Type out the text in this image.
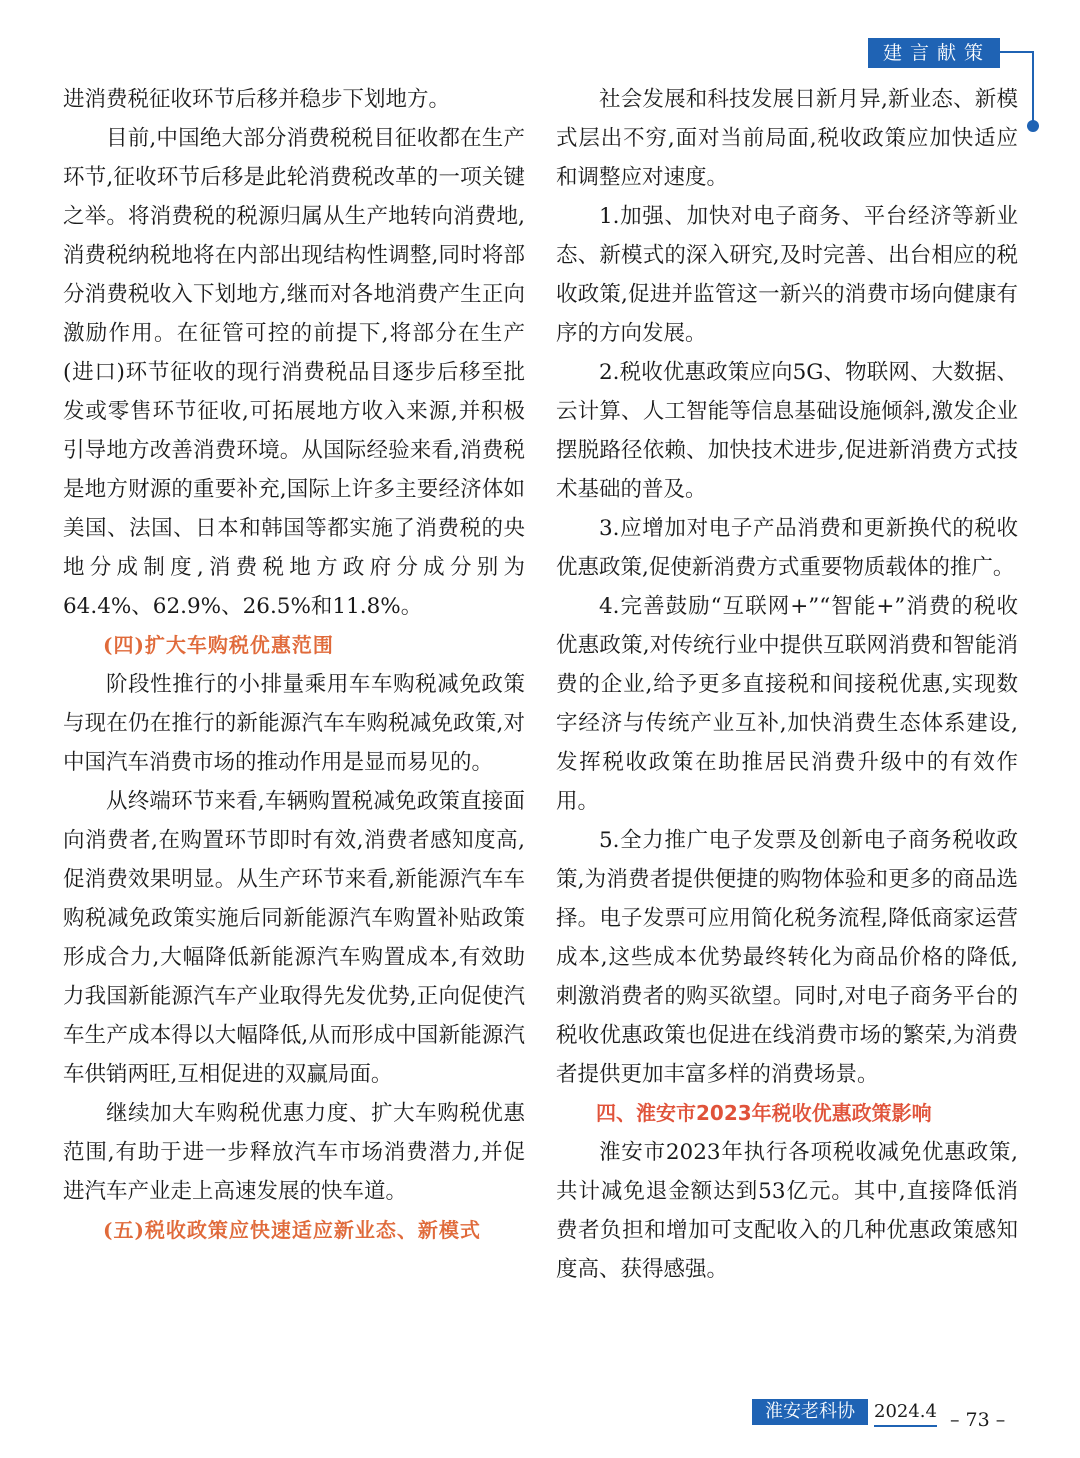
建言献策

进消费税征收环节后移并稳步下划地方。

目前,中国绝大部分消费税税目征收都在生产环节,征收环节后移是此轮消费税改革的一项关键之举。将消费税的税源归属从生产地转向消费地,消费税纳税地将在内部出现结构性调整,同时将部分消费税收入下划地方,继而对各地消费产生正向激励作用。在征管可控的前提下,将部分在生产(进口)环节征收的现行消费税品目逐步后移至批发或零售环节征收,可拓展地方收入来源,并积极引导地方改善消费环境。从国际经验来看,消费税是地方财源的重要补充,国际上许多主要经济体如美国、法国、日本和韩国等都实施了消费税的央地分成制度,消费税地方政府分成分别为64.4%、62.9%、26.5%和11.8%。

(四)扩大车购税优惠范围

阶段性推行的小排量乘用车车购税减免政策与现在仍在推行的新能源汽车车购税减免政策,对中国汽车消费市场的推动作用是显而易见的。

从终端环节来看,车辆购置税减免政策直接面向消费者,在购置环节即时有效,消费者感知度高,促消费效果明显。从生产环节来看,新能源汽车车购税减免政策实施后同新能源汽车购置补贴政策形成合力,大幅降低新能源汽车购置成本,有效助力我国新能源汽车产业取得先发优势,正向促使汽车生产成本得以大幅降低,从而形成中国新能源汽车供销两旺,互相促进的双赢局面。

继续加大车购税优惠力度、扩大车购税优惠范围,有助于进一步释放汽车市场消费潜力,并促进汽车产业走上高速发展的快车道。

(五)税收政策应快速适应新业态、新模式

社会发展和科技发展日新月异,新业态、新模式层出不穷,面对当前局面,税收政策应加快适应和调整应对速度。

1.加强、加快对电子商务、平台经济等新业态、新模式的深入研究,及时完善、出台相应的税收政策,促进并监管这一新兴的消费市场向健康有序的方向发展。

2.税收优惠政策应向5G、物联网、大数据、云计算、人工智能等信息基础设施倾斜,激发企业摆脱路径依赖、加快技术进步,促进新消费方式技术基础的普及。

3.应增加对电子产品消费和更新换代的税收优惠政策,促使新消费方式重要物质载体的推广。

4.完善鼓励“互联网+”“智能+”消费的税收优惠政策,对传统行业中提供互联网消费和智能消费的企业,给予更多直接税和间接税优惠,实现数字经济与传统产业互补,加快消费生态体系建设,发挥税收政策在助推居民消费升级中的有效作用。

5.全力推广电子发票及创新电子商务税收政策,为消费者提供便捷的购物体验和更多的商品选择。电子发票可应用简化税务流程,降低商家运营成本,这些成本优势最终转化为商品价格的降低,刺激消费者的购买欲望。同时,对电子商务平台的税收优惠政策也促进在线消费市场的繁荣,为消费者提供更加丰富多样的消费场景。

四、淮安市2023年税收优惠政策影响

淮安市2023年执行各项税收减免优惠政策,共计减免退金额达到53亿元。其中,直接降低消费者负担和增加可支配收入的几种优惠政策感知度高、获得感强。

淮安老科协	2024.4 – 73 –
